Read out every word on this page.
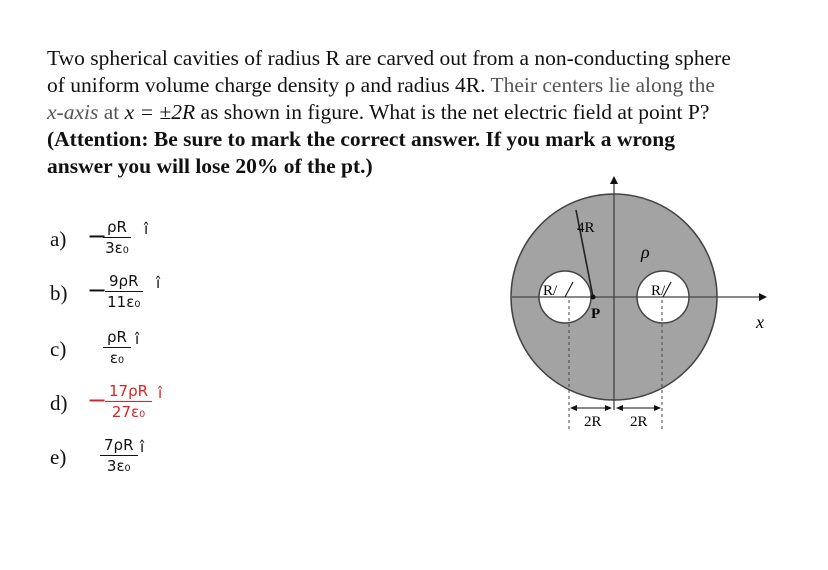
Two spherical cavities of radius R are carved out from a non-conducting sphere
of uniform volume charge density ρ and radius 4R. Their centers lie along the
x-axis at x = ±2R as shown in figure. What is the net electric field at point P?
(Attention: Be sure to mark the correct answer. If you mark a wrong
answer you will lose 20% of the pt.)
a) −
$\frac{\rho R}{\text{3ε₀}}$ î
b) −
$\frac{9\rho R}{\text{11ε₀}}$ î
$c) \frac{\rho R}{\text{ε₀}}$ î
d) −
$\frac{17\rho R}{\text{27ε₀}}$ î
$e) \frac{7\rho R}{\text{3ε₀}}$ î
4R
ρ
R/	R/
P	x
2R 2R
